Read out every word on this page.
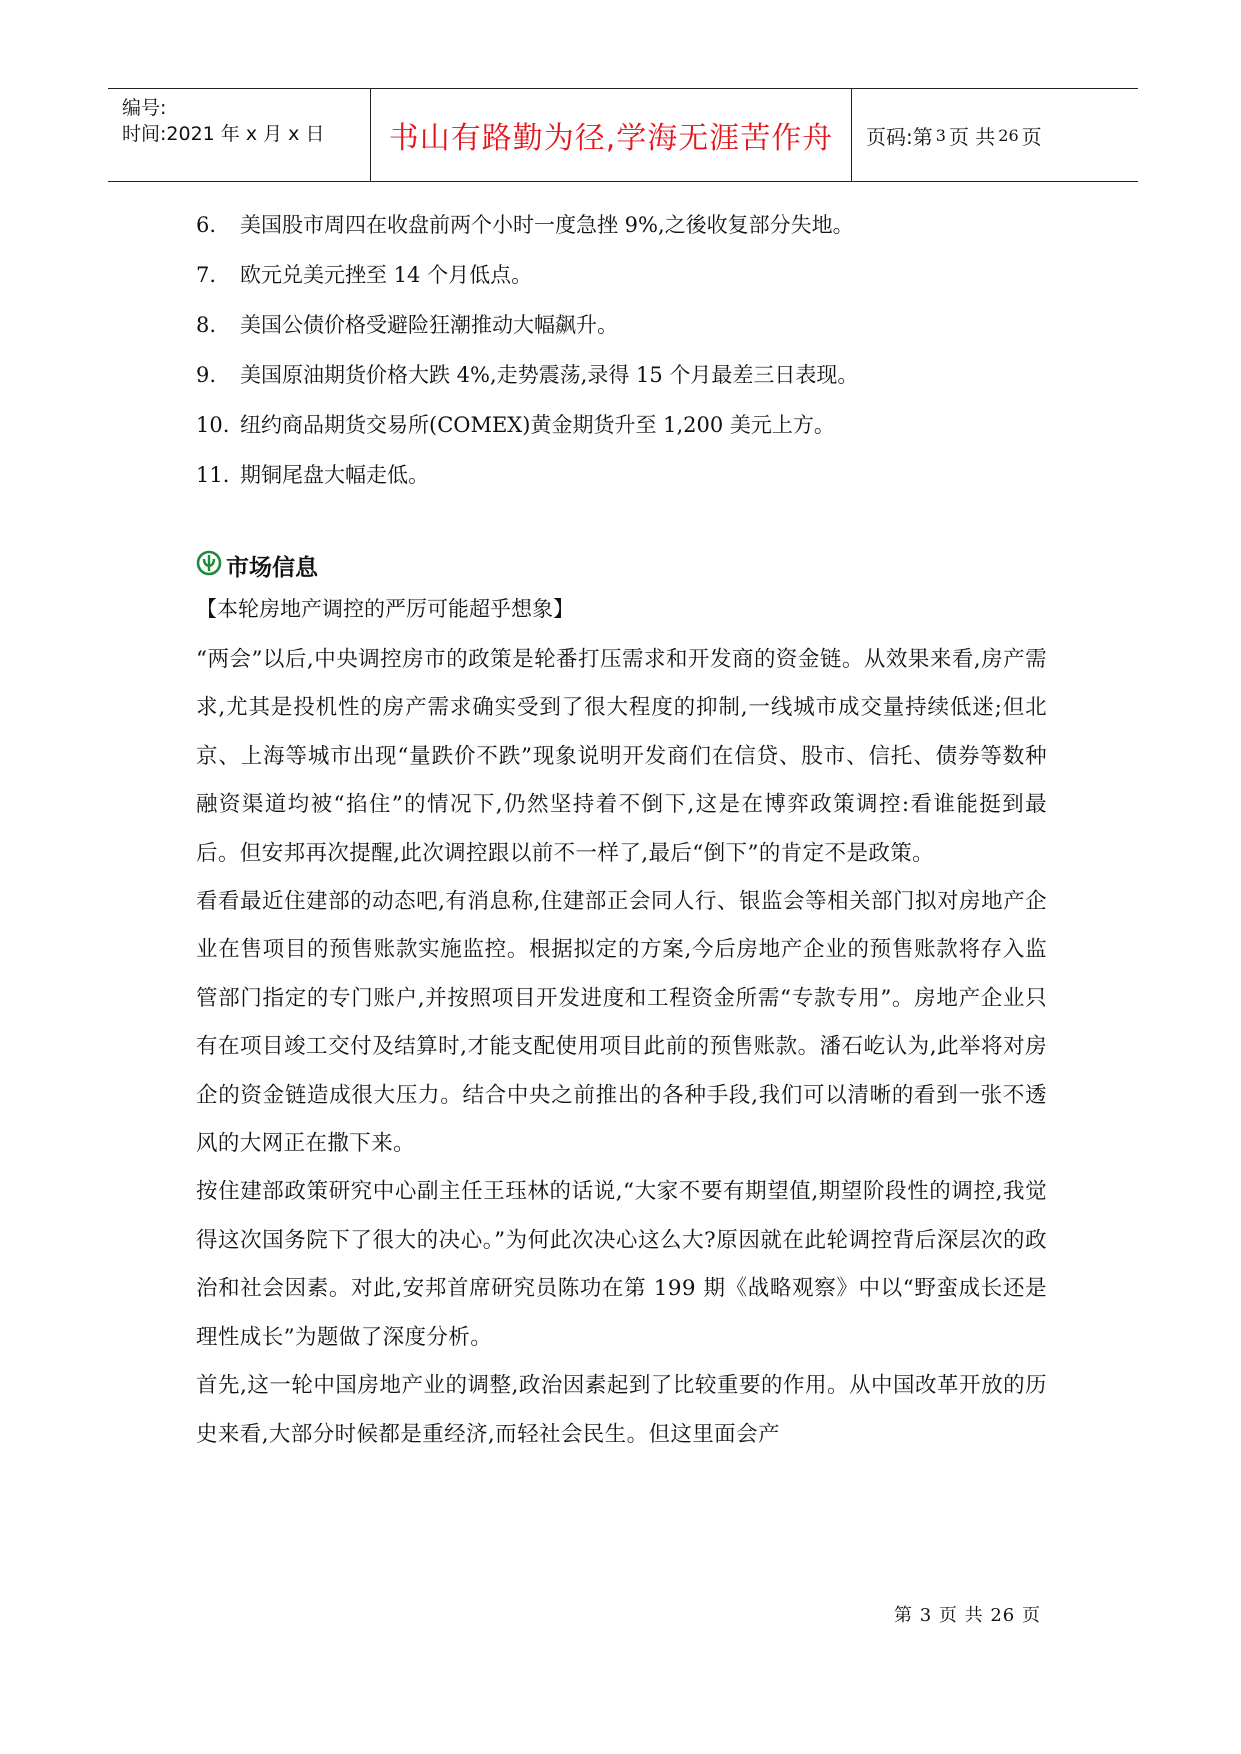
编号:
时间:2021 年 x 月 x 日	书山有路勤为径,学海无涯苦作舟	页码:第 3 页 共 26 页
6.	美国股市周四在收盘前两个小时一度急挫 9%,之後收复部分失地。
7.	欧元兑美元挫至 14 个月低点。
8.	美国公债价格受避险狂潮推动大幅飙升。
9.	美国原油期货价格大跌 4%,走势震荡,录得 15 个月最差三日表现。
10. 纽约商品期货交易所(COMEX)黄金期货升至 1,200 美元上方。
11. 期铜尾盘大幅走低。
市场信息
【本轮房地产调控的严厉可能超乎想象】

“两会”以后,中央调控房市的政策是轮番打压需求和开发商的资金链。从效果来看,房产需求,尤其是投机性的房产需求确实受到了很大程度的抑制,一线城市成交量持续低迷;但北京、上海等城市出现“量跌价不跌”现象说明开发商们在信贷、股市、信托、债券等数种融资渠道均被“掐住”的情况下,仍然坚持着不倒下,这是在博弈政策调控:看谁能挺到最后。但安邦再次提醒,此次调控跟以前不一样了,最后“倒下”的肯定不是政策。

看看最近住建部的动态吧,有消息称,住建部正会同人行、银监会等相关部门拟对房地产企业在售项目的预售账款实施监控。根据拟定的方案,今后房地产企业的预售账款将存入监管部门指定的专门账户,并按照项目开发进度和工程资金所需“专款专用”。房地产企业只有在项目竣工交付及结算时,才能支配使用项目此前的预售账款。潘石屹认为,此举将对房企的资金链造成很大压力。结合中央之前推出的各种手段,我们可以清晰的看到一张不透风的大网正在撒下来。

按住建部政策研究中心副主任王珏林的话说,“大家不要有期望值,期望阶段性的调控,我觉得这次国务院下了很大的决心。”为何此次决心这么大?原因就在此轮调控背后深层次的政治和社会因素。对此,安邦首席研究员陈功在第 199 期《战略观察》中以“野蛮成长还是理性成长”为题做了深度分析。

首先,这一轮中国房地产业的调整,政治因素起到了比较重要的作用。从中国改革开放的历史来看,大部分时候都是重经济,而轻社会民生。但这里面会产

第 3 页 共 26 页
